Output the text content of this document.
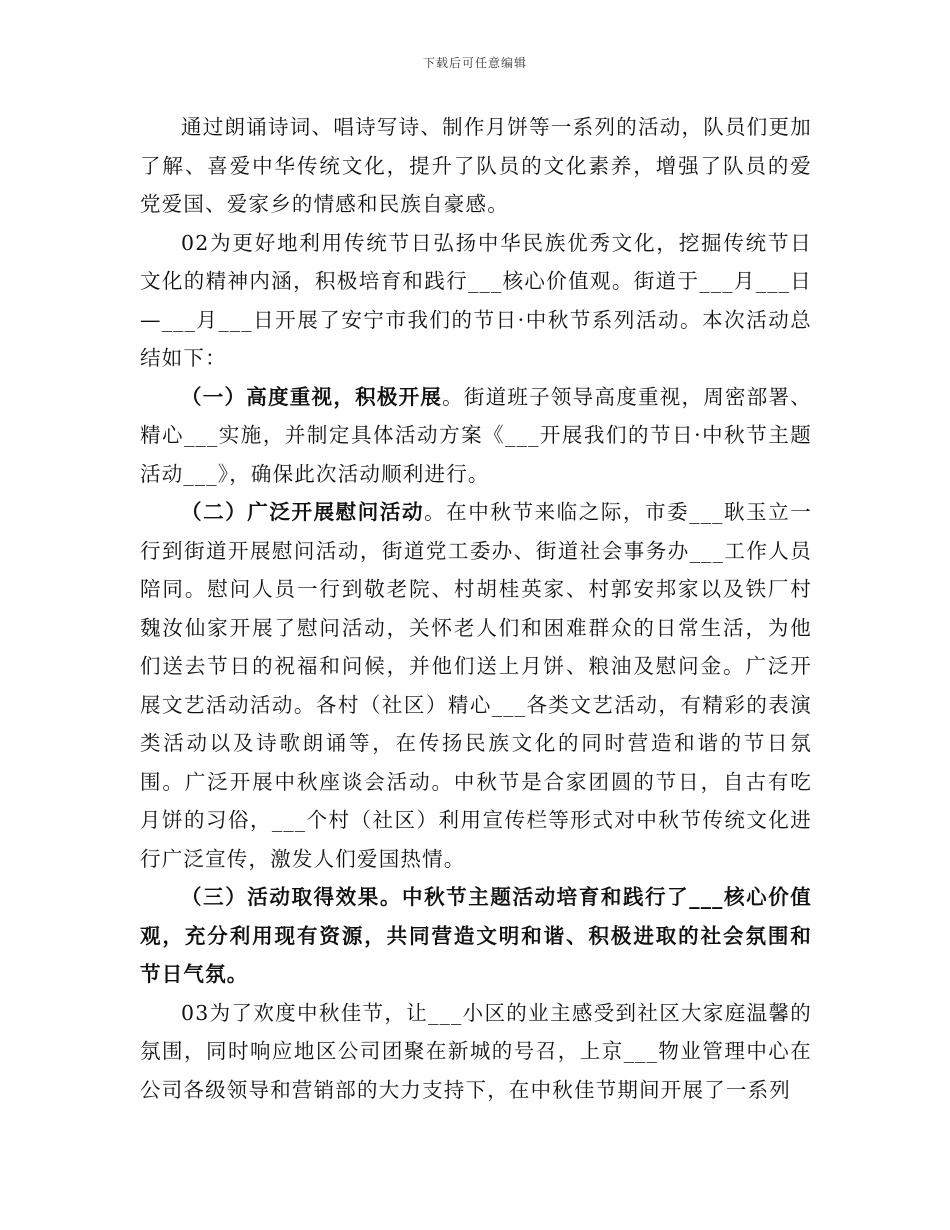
下载后可任意编辑

通过朗诵诗词、唱诗写诗、制作月饼等一系列的活动，队员们更加了解、喜爱中华传统文化，提升了队员的文化素养，增强了队员的爱党爱国、爱家乡的情感和民族自豪感。

02为更好地利用传统节日弘扬中华民族优秀文化，挖掘传统节日文化的精神内涵，积极培育和践行___核心价值观。街道于___月___日—___月___日开展了安宁市我们的节日·中秋节系列活动。本次活动总结如下：

（一）高度重视，积极开展。街道班子领导高度重视，周密部署、精心___实施，并制定具体活动方案《___开展我们的节日·中秋节主题活动___》，确保此次活动顺利进行。

（二）广泛开展慰问活动。在中秋节来临之际，市委___耿玉立一行到街道开展慰问活动，街道党工委办、街道社会事务办___工作人员陪同。慰问人员一行到敬老院、村胡桂英家、村郭安邦家以及铁厂村魏汝仙家开展了慰问活动，关怀老人们和困难群众的日常生活，为他们送去节日的祝福和问候，并他们送上月饼、粮油及慰问金。广泛开展文艺活动活动。各村（社区）精心___各类文艺活动，有精彩的表演类活动以及诗歌朗诵等，在传扬民族文化的同时营造和谐的节日氛围。广泛开展中秋座谈会活动。中秋节是合家团圆的节日，自古有吃月饼的习俗，___个村（社区）利用宣传栏等形式对中秋节传统文化进行广泛宣传，激发人们爱国热情。

（三）活动取得效果。中秋节主题活动培育和践行了___核心价值观，充分利用现有资源，共同营造文明和谐、积极进取的社会氛围和节日气氛。

03为了欢度中秋佳节，让___小区的业主感受到社区大家庭温馨的氛围，同时响应地区公司团聚在新城的号召，上京___物业管理中心在公司各级领导和营销部的大力支持下，在中秋佳节期间开展了一系列
